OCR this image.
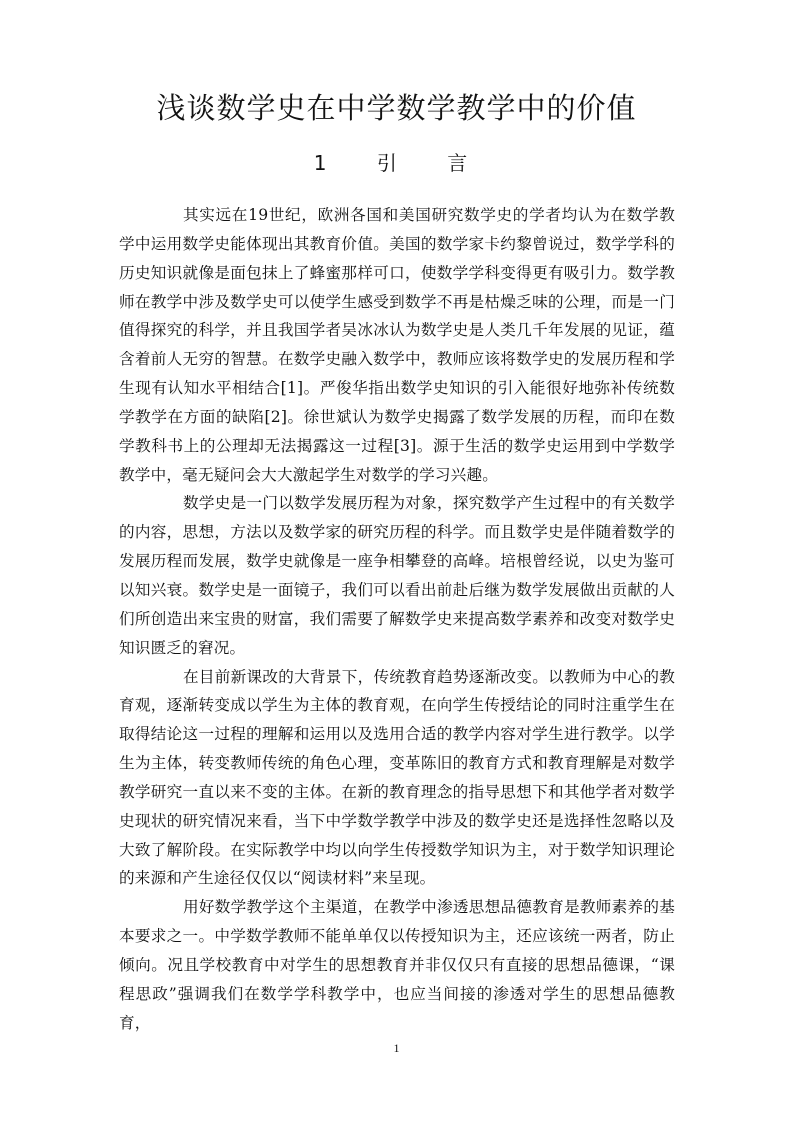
浅谈数学史在中学数学教学中的价值
1 引 言

其实远在19世纪，欧洲各国和美国研究数学史的学者均认为在数学教学中运用数学史能体现出其教育价值。美国的数学家卡约黎曾说过，数学学科的历史知识就像是面包抹上了蜂蜜那样可口，使数学学科变得更有吸引力。数学教师在教学中涉及数学史可以使学生感受到数学不再是枯燥乏味的公理，而是一门值得探究的科学，并且我国学者吴冰冰认为数学史是人类几千年发展的见证，蕴含着前人无穷的智慧。在数学史融入数学中，教师应该将数学史的发展历程和学生现有认知水平相结合[1]。严俊华指出数学史知识的引入能很好地弥补传统数学教学在方面的缺陷[2]。徐世斌认为数学史揭露了数学发展的历程，而印在数学教科书上的公理却无法揭露这一过程[3]。源于生活的数学史运用到中学数学教学中，毫无疑问会大大激起学生对数学的学习兴趣。

数学史是一门以数学发展历程为对象，探究数学产生过程中的有关数学的内容，思想，方法以及数学家的研究历程的科学。而且数学史是伴随着数学的发展历程而发展，数学史就像是一座争相攀登的高峰。培根曾经说，以史为鉴可以知兴衰。数学史是一面镜子，我们可以看出前赴后继为数学发展做出贡献的人们所创造出来宝贵的财富，我们需要了解数学史来提高数学素养和改变对数学史知识匮乏的窘况。

在目前新课改的大背景下，传统教育趋势逐渐改变。以教师为中心的教育观，逐渐转变成以学生为主体的教育观，在向学生传授结论的同时注重学生在取得结论这一过程的理解和运用以及选用合适的教学内容对学生进行教学。以学生为主体，转变教师传统的角色心理，变革陈旧的教育方式和教育理解是对数学教学研究一直以来不变的主体。在新的教育理念的指导思想下和其他学者对数学史现状的研究情况来看，当下中学数学教学中涉及的数学史还是选择性忽略以及大致了解阶段。在实际教学中均以向学生传授数学知识为主，对于数学知识理论的来源和产生途径仅仅以“阅读材料”来呈现。

用好数学教学这个主渠道，在教学中渗透思想品德教育是教师素养的基本要求之一。中学数学教师不能单单仅以传授知识为主，还应该统一两者，防止倾向。况且学校教育中对学生的思想教育并非仅仅只有直接的思想品德课，“课程思政”强调我们在数学学科教学中，也应当间接的渗透对学生的思想品德教育，

1
